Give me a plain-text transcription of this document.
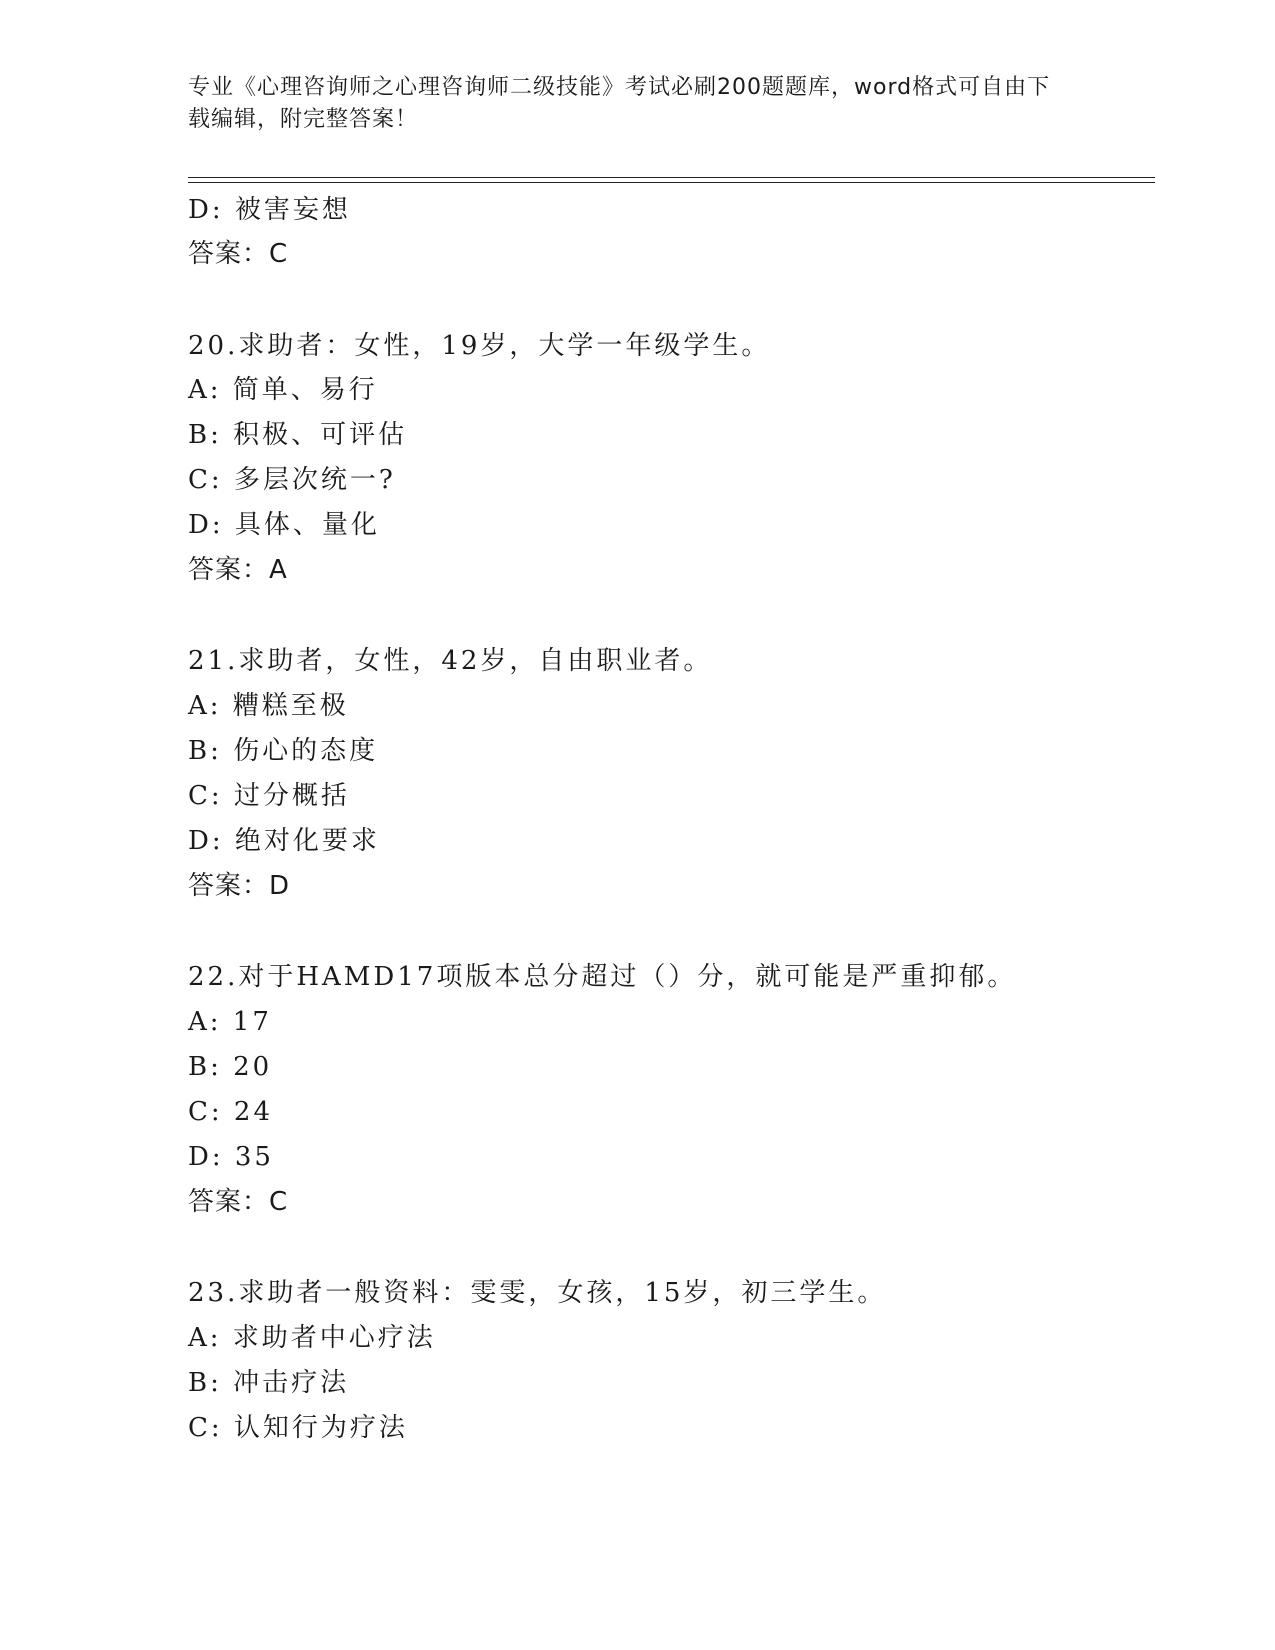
专业《心理咨询师之心理咨询师二级技能》考试必刷200题题库，word格式可自由下载编辑，附完整答案！
D: 被害妄想
答案：C
20.求助者：女性，19岁，大学一年级学生。
A: 简单、易行
B: 积极、可评估
C: 多层次统一?
D: 具体、量化
答案：A
21.求助者，女性，42岁，自由职业者。
A: 糟糕至极
B: 伤心的态度
C: 过分概括
D: 绝对化要求
答案：D
22.对于HAMD17项版本总分超过（）分，就可能是严重抑郁。
A: 17
B: 20
C: 24
D: 35
答案：C
23.求助者一般资料：雯雯，女孩，15岁，初三学生。
A: 求助者中心疗法
B: 冲击疗法
C: 认知行为疗法
